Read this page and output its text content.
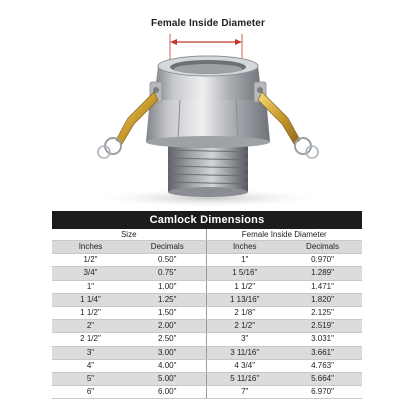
Female Inside Diameter
Camlock Dimensions
Size		Female Inside Diameter	
Inches	Decimals	Inches	Decimals
1/2"	0.50"	1"	0.970"
3/4"	0.75"	1 5/16"	1.289"
1"	1.00"	1 1/2"	1.471"
1 1/4"	1.25"	1 13/16"	1.820"
1 1/2"	1.50"	2 1/8"	2.125"
2"	2.00"	2 1/2"	2.519"
2 1/2"	2.50"	3"	3.031"
3"	3.00"	3 11/16"	3.661"
4"	4.00"	4 3/4"	4.763"
5"	5.00"	5 11/16"	5.664"
6"	6.00"	7"	6.970"
